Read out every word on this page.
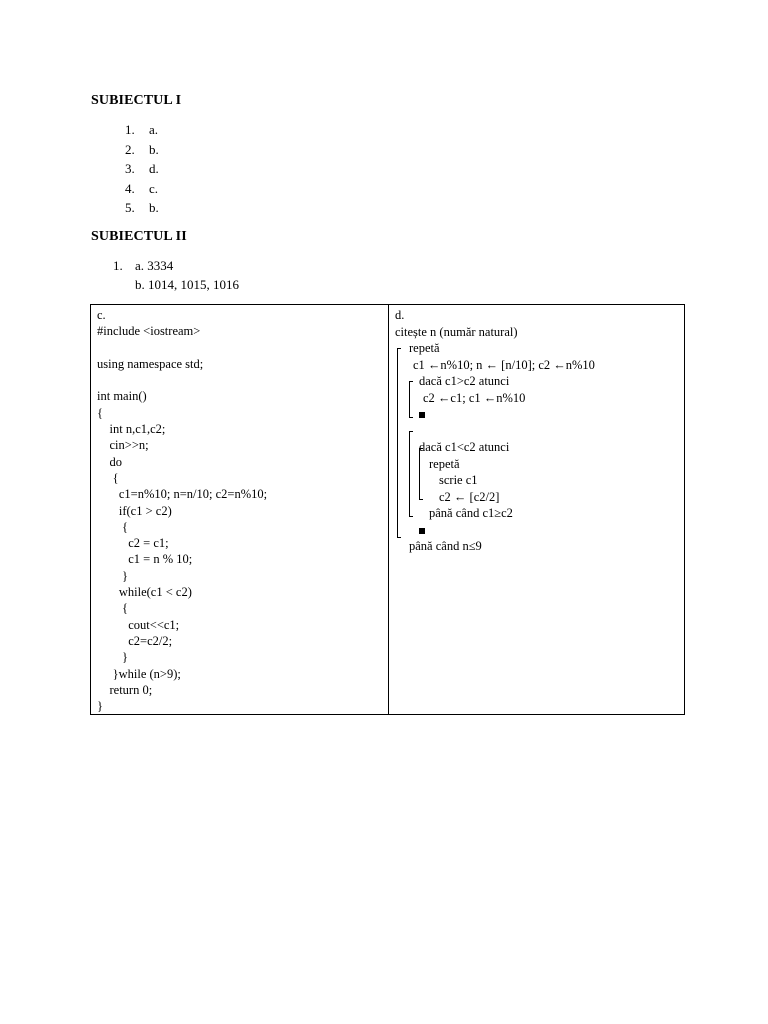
SUBIECTUL I
1. a.
2. b.
3. d.
4. c.
5. b.
SUBIECTUL II
1. a. 3334
b. 1014, 1015, 1016
c.
#include <iostream>
using namespace std;
int main()
{
int n,c1,c2;
cin>>n;
do
{
c1=n%10; n=n/10; c2=n%10;
if(c1 > c2)
{
c2 = c1;
c1 = n % 10;
}
while(c1 < c2)
{
cout<<c1;
c2=c2/2;
}
}while (n>9);
return 0;
}

d.
citește n (număr natural)
repetă
c1 ←n%10; n ← [n/10]; c2 ←n%10
dacă c1>c2 atunci
c2 ←c1; c1 ←n%10
dacă c1<c2 atunci
repetă
scrie c1
c2 ← [c2/2]
până când c1≥c2
până când n≤9
